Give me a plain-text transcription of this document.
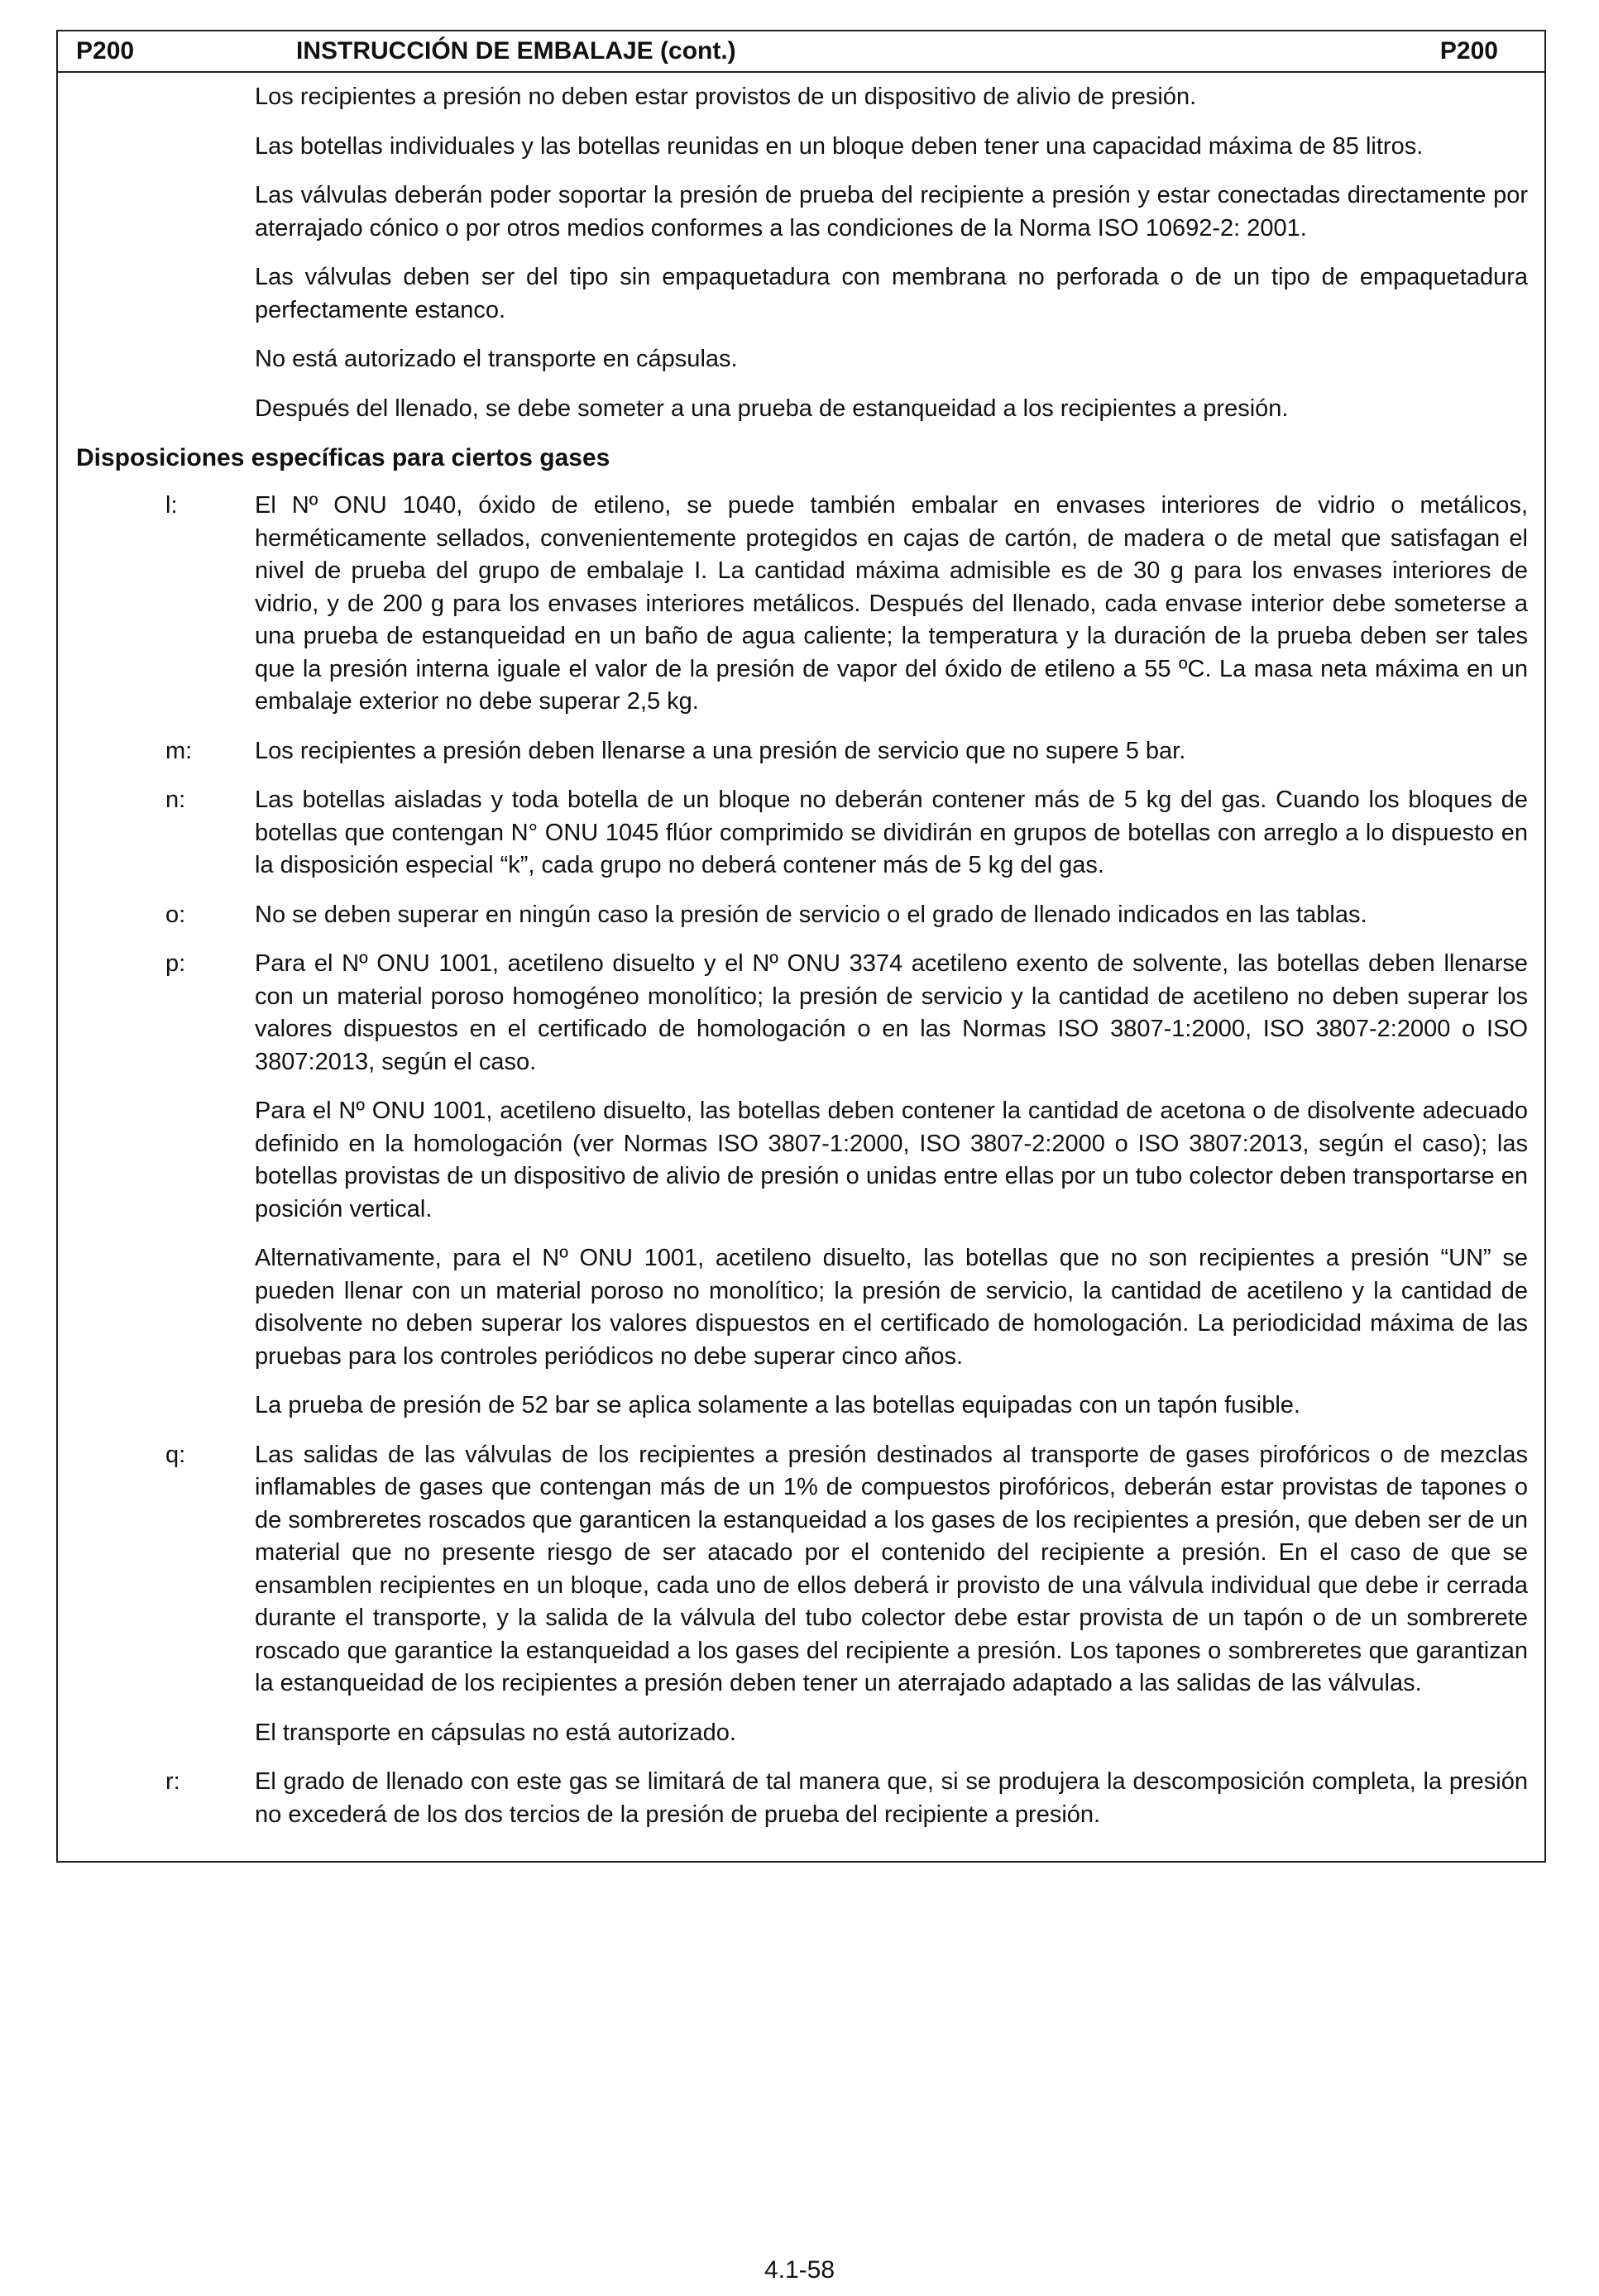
P200	INSTRUCCIÓN DE EMBALAJE (cont.)	P200

Los recipientes a presión no deben estar provistos de un dispositivo de alivio de presión.

Las botellas individuales y las botellas reunidas en un bloque deben tener una capacidad máxima de 85 litros.

Las válvulas deberán poder soportar la presión de prueba del recipiente a presión y estar conectadas directamente por aterrajado cónico o por otros medios conformes a las condiciones de la Norma ISO 10692-2: 2001.

Las válvulas deben ser del tipo sin empaquetadura con membrana no perforada o de un tipo de empaquetadura perfectamente estanco.

No está autorizado el transporte en cápsulas.

Después del llenado, se debe someter a una prueba de estanqueidad a los recipientes a presión.

Disposiciones específicas para ciertos gases
l:	El Nº ONU 1040, óxido de etileno, se puede también embalar en envases interiores de vidrio o metálicos, herméticamente sellados, convenientemente protegidos en cajas de cartón, de madera o de metal que satisfagan el nivel de prueba del grupo de embalaje I. La cantidad máxima admisible es de 30 g para los envases interiores de vidrio, y de 200 g para los envases interiores metálicos. Después del llenado, cada envase interior debe someterse a una prueba de estanqueidad en un baño de agua caliente; la temperatura y la duración de la prueba deben ser tales que la presión interna iguale el valor de la presión de vapor del óxido de etileno a 55 ºC. La masa neta máxima en un embalaje exterior no debe superar 2,5 kg.

m:	Los recipientes a presión deben llenarse a una presión de servicio que no supere 5 bar.

n:	Las botellas aisladas y toda botella de un bloque no deberán contener más de 5 kg del gas. Cuando los bloques de botellas que contengan N° ONU 1045 flúor comprimido se dividirán en grupos de botellas con arreglo a lo dispuesto en la disposición especial “k”, cada grupo no deberá contener más de 5 kg del gas.

o:	No se deben superar en ningún caso la presión de servicio o el grado de llenado indicados en las tablas.

p:	Para el Nº ONU 1001, acetileno disuelto y el Nº ONU 3374 acetileno exento de solvente, las botellas deben llenarse con un material poroso homogéneo monolítico; la presión de servicio y la cantidad de acetileno no deben superar los valores dispuestos en el certificado de homologación o en las Normas ISO 3807-1:2000, ISO 3807-2:2000 o ISO 3807:2013, según el caso.

Para el Nº ONU 1001, acetileno disuelto, las botellas deben contener la cantidad de acetona o de disolvente adecuado definido en la homologación (ver Normas ISO 3807-1:2000, ISO 3807-2:2000 o ISO 3807:2013, según el caso); las botellas provistas de un dispositivo de alivio de presión o unidas entre ellas por un tubo colector deben transportarse en posición vertical.

Alternativamente, para el Nº ONU 1001, acetileno disuelto, las botellas que no son recipientes a presión “UN” se pueden llenar con un material poroso no monolítico; la presión de servicio, la cantidad de acetileno y la cantidad de disolvente no deben superar los valores dispuestos en el certificado de homologación. La periodicidad máxima de las pruebas para los controles periódicos no debe superar cinco años.

La prueba de presión de 52 bar se aplica solamente a las botellas equipadas con un tapón fusible.

q:	Las salidas de las válvulas de los recipientes a presión destinados al transporte de gases pirofóricos o de mezclas inflamables de gases que contengan más de un 1% de compuestos pirofóricos, deberán estar provistas de tapones o de sombreretes roscados que garanticen la estanqueidad a los gases de los recipientes a presión, que deben ser de un material que no presente riesgo de ser atacado por el contenido del recipiente a presión. En el caso de que se ensamblen recipientes en un bloque, cada uno de ellos deberá ir provisto de una válvula individual que debe ir cerrada durante el transporte, y la salida de la válvula del tubo colector debe estar provista de un tapón o de un sombrerete roscado que garantice la estanqueidad a los gases del recipiente a presión. Los tapones o sombreretes que garantizan la estanqueidad de los recipientes a presión deben tener un aterrajado adaptado a las salidas de las válvulas.

El transporte en cápsulas no está autorizado.

r:	El grado de llenado con este gas se limitará de tal manera que, si se produjera la descomposición completa, la presión no excederá de los dos tercios de la presión de prueba del recipiente a presión.

4.1-58
